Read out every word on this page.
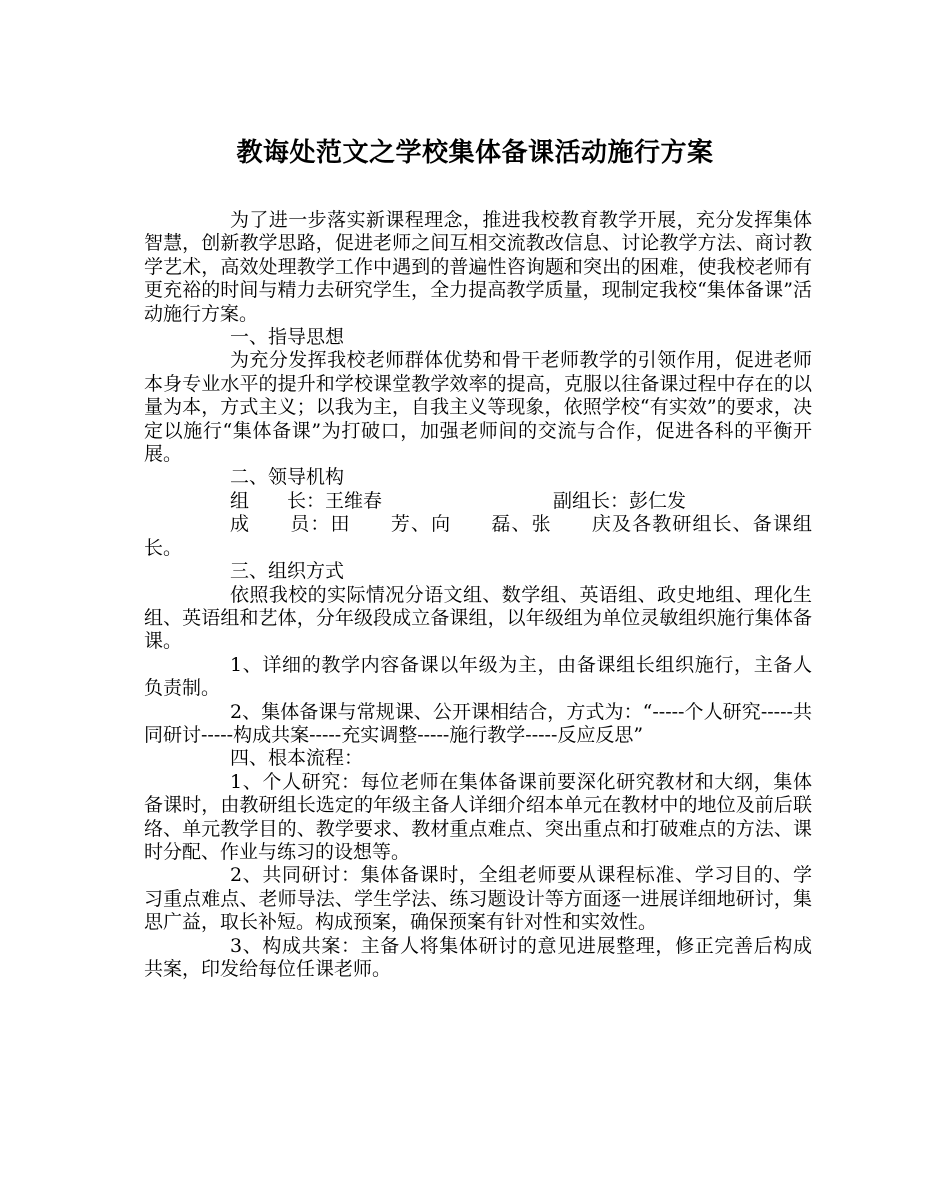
教诲处范文之学校集体备课活动施行方案

为了进一步落实新课程理念，推进我校教育教学开展，充分发挥集体智慧，创新教学思路，促进老师之间互相交流教改信息、讨论教学方法、商讨教学艺术，高效处理教学工作中遇到的普遍性咨询题和突出的困难，使我校老师有更充裕的时间与精力去研究学生，全力提高教学质量，现制定我校“集体备课”活动施行方案。

一、指导思想

为充分发挥我校老师群体优势和骨干老师教学的引领作用，促进老师本身专业水平的提升和学校课堂教学效率的提高，克服以往备课过程中存在的以量为本，方式主义；以我为主，自我主义等现象，依照学校“有实效”的要求，决定以施行“集体备课”为打破口，加强老师间的交流与合作，促进各科的平衡开展。

二、领导机构

组　　长：王维春	副组长：彭仁发

成　　员：田　　芳、向　　磊、张　　庆及各教研组长、备课组长。

三、组织方式

依照我校的实际情况分语文组、数学组、英语组、政史地组、理化生组、英语组和艺体，分年级段成立备课组，以年级组为单位灵敏组织施行集体备课。

1、详细的教学内容备课以年级为主，由备课组长组织施行，主备人负责制。

2、集体备课与常规课、公开课相结合，方式为：“-----个人研究-----共同研讨-----构成共案-----充实调整-----施行教学-----反应反思”

四、根本流程：

1、个人研究：每位老师在集体备课前要深化研究教材和大纲，集体备课时，由教研组长选定的年级主备人详细介绍本单元在教材中的地位及前后联络、单元教学目的、教学要求、教材重点难点、突出重点和打破难点的方法、课时分配、作业与练习的设想等。

2、共同研讨：集体备课时，全组老师要从课程标准、学习目的、学习重点难点、老师导法、学生学法、练习题设计等方面逐一进展详细地研讨，集思广益，取长补短。构成预案，确保预案有针对性和实效性。

3、构成共案：主备人将集体研讨的意见进展整理，修正完善后构成共案，印发给每位任课老师。
